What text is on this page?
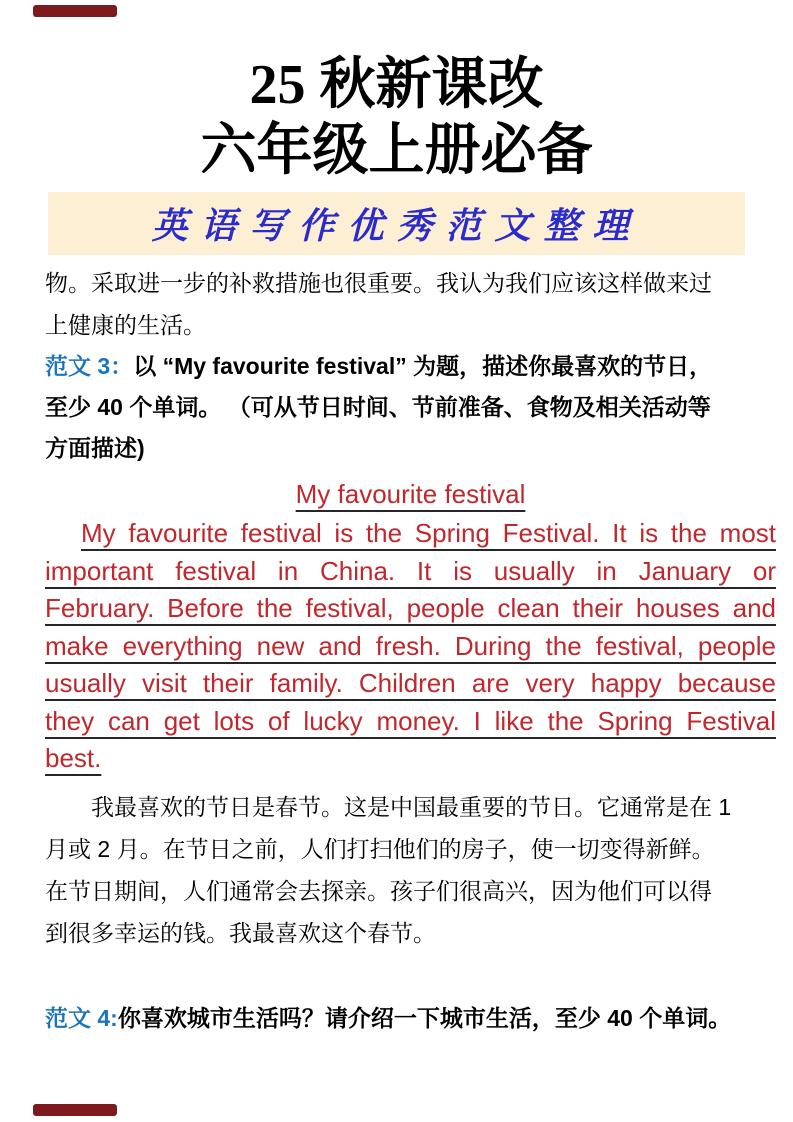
25 秋新课改
六年级上册必备
英语写作优秀范文整理
物。采取进一步的补救措施也很重要。我认为我们应该这样做来过
上健康的生活。
范文 3：以 “My favourite festival” 为题，描述你最喜欢的节日，
至少 40 个单词。 （可从节日时间、节前准备、食物及相关活动等
方面描述)
My favourite festival
My favourite festival is the Spring Festival. It is the most
important festival in China. It is usually in January or
February. Before the festival, people clean their houses and
make everything new and fresh. During the festival, people
usually visit their family. Children are very happy because
they can get lots of lucky money. I like the Spring Festival
best.
我最喜欢的节日是春节。这是中国最重要的节日。它通常是在 1
月或 2 月。在节日之前，人们打扫他们的房子，使一切变得新鲜。
在节日期间，人们通常会去探亲。孩子们很高兴，因为他们可以得
到很多幸运的钱。我最喜欢这个春节。
范文 4:你喜欢城市生活吗？请介绍一下城市生活，至少 40 个单词。
